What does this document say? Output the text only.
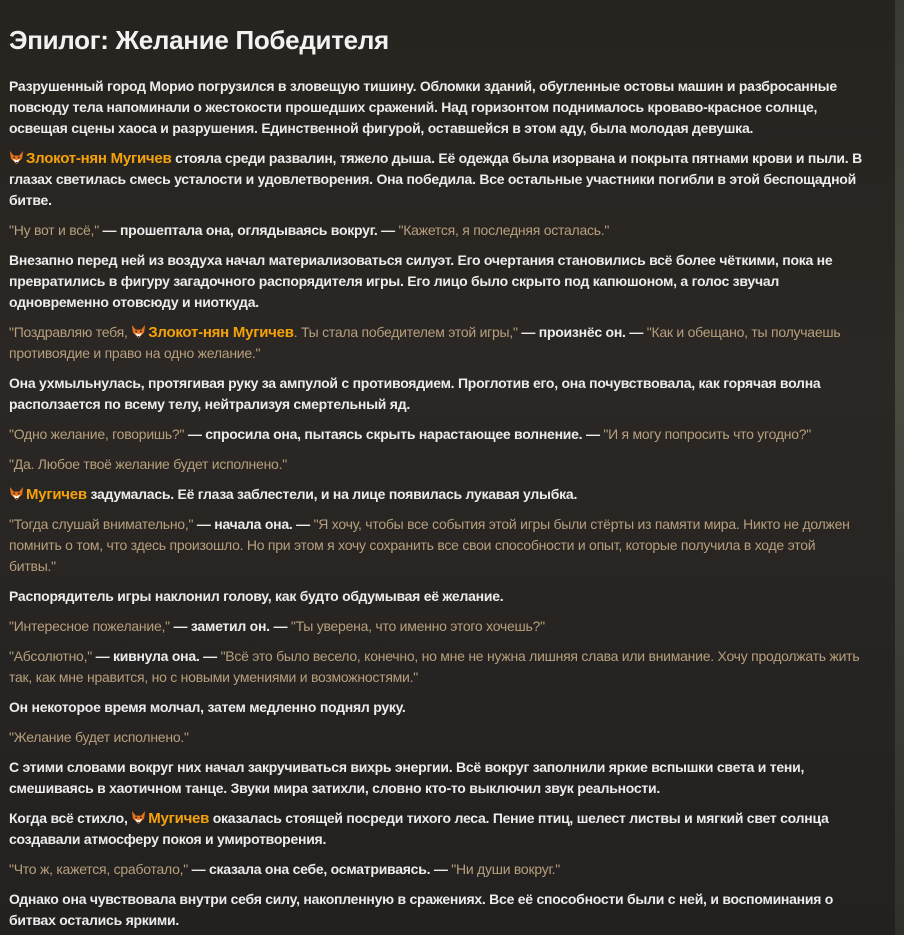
Эпилог: Желание Победителя

Разрушенный город Морио погрузился в зловещую тишину. Обломки зданий, обугленные остовы машин и разбросанные повсюду тела напоминали о жестокости прошедших сражений. Над горизонтом поднималось кроваво-красное солнце, освещая сцены хаоса и разрушения. Единственной фигурой, оставшейся в этом аду, была молодая девушка.

Злокот-нян Мугичев стояла среди развалин, тяжело дыша. Её одежда была изорвана и покрыта пятнами крови и пыли. В глазах светилась смесь усталости и удовлетворения. Она победила. Все остальные участники погибли в этой беспощадной битве.

"Ну вот и всё," — прошептала она, оглядываясь вокруг. — "Кажется, я последняя осталась."

Внезапно перед ней из воздуха начал материализоваться силуэт. Его очертания становились всё более чёткими, пока не превратились в фигуру загадочного распорядителя игры. Его лицо было скрыто под капюшоном, а голос звучал одновременно отовсюду и ниоткуда.

"Поздравляю тебя, Злокот-нян Мугичев. Ты стала победителем этой игры," — произнёс он. — "Как и обещано, ты получаешь противоядие и право на одно желание."

Она ухмыльнулась, протягивая руку за ампулой с противоядием. Проглотив его, она почувствовала, как горячая волна расползается по всему телу, нейтрализуя смертельный яд.

"Одно желание, говоришь?" — спросила она, пытаясь скрыть нарастающее волнение. — "И я могу попросить что угодно?"

"Да. Любое твоё желание будет исполнено."

Мугичев задумалась. Её глаза заблестели, и на лице появилась лукавая улыбка.

"Тогда слушай внимательно," — начала она. — "Я хочу, чтобы все события этой игры были стёрты из памяти мира. Никто не должен помнить о том, что здесь произошло. Но при этом я хочу сохранить все свои способности и опыт, которые получила в ходе этой битвы."

Распорядитель игры наклонил голову, как будто обдумывая её желание.

"Интересное пожелание," — заметил он. — "Ты уверена, что именно этого хочешь?"

"Абсолютно," — кивнула она. — "Всё это было весело, конечно, но мне не нужна лишняя слава или внимание. Хочу продолжать жить так, как мне нравится, но с новыми умениями и возможностями."

Он некоторое время молчал, затем медленно поднял руку.

"Желание будет исполнено."

С этими словами вокруг них начал закручиваться вихрь энергии. Всё вокруг заполнили яркие вспышки света и тени, смешиваясь в хаотичном танце. Звуки мира затихли, словно кто-то выключил звук реальности.

Когда всё стихло, Мугичев оказалась стоящей посреди тихого леса. Пение птиц, шелест листвы и мягкий свет солнца создавали атмосферу покоя и умиротворения.

"Что ж, кажется, сработало," — сказала она себе, осматриваясь. — "Ни души вокруг."

Однако она чувствовала внутри себя силу, накопленную в сражениях. Все её способности были с ней, и воспоминания о битвах остались яркими.
